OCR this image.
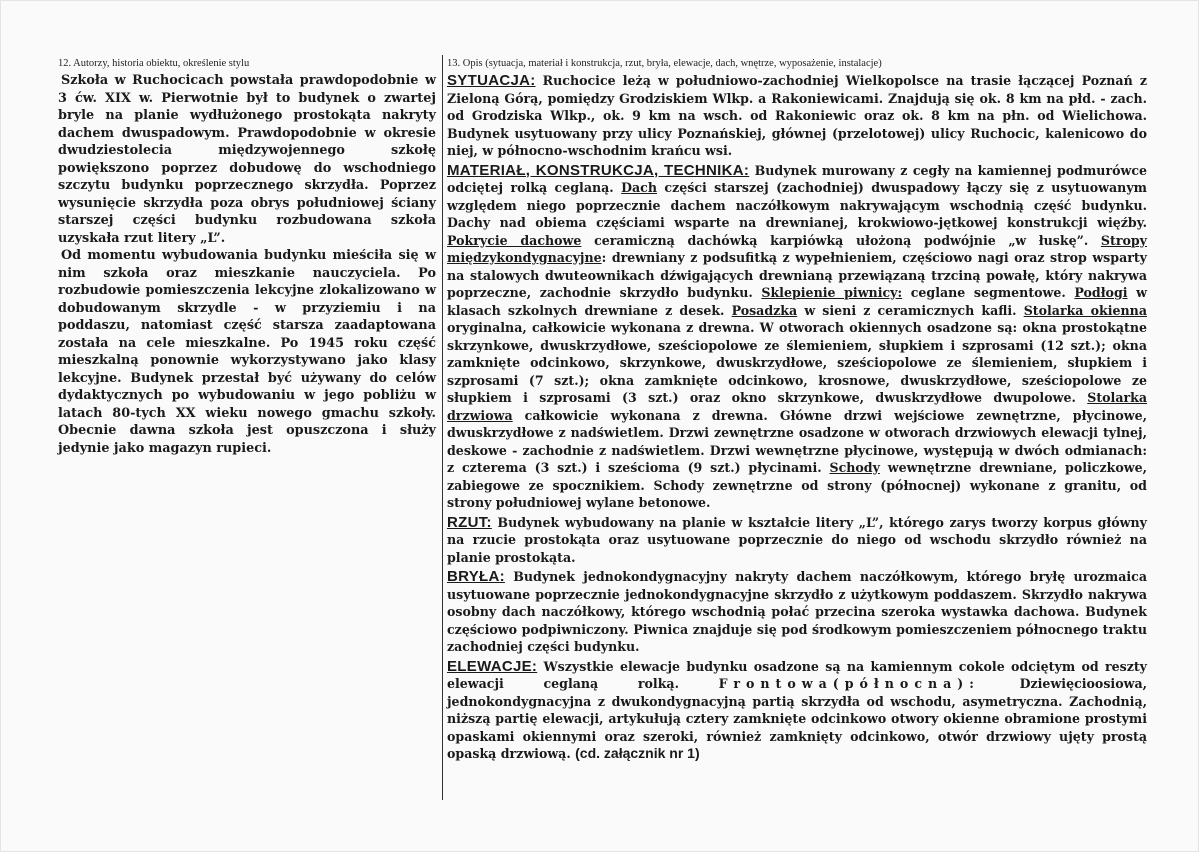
12. Autorzy, historia obiektu, określenie stylu

Szkoła w Ruchocicach powstała prawdopodobnie w 3 ćw. XIX w. Pierwotnie był to budynek o zwartej bryle na planie wydłużonego prostokąta nakryty dachem dwuspadowym. Prawdopodobnie w okresie dwudziestolecia międzywojennego szkołę powiększono poprzez dobudowę do wschodniego szczytu budynku poprzecznego skrzydła. Poprzez wysunięcie skrzydła poza obrys południowej ściany starszej części budynku rozbudowana szkoła uzyskała rzut litery „L”.

Od momentu wybudowania budynku mieściła się w nim szkoła oraz mieszkanie nauczyciela. Po rozbudowie pomieszczenia lekcyjne zlokalizowano w dobudowanym skrzydle - w przyziemiu i na poddaszu, natomiast część starsza zaadaptowana została na cele mieszkalne. Po 1945 roku część mieszkalną ponownie wykorzystywano jako klasy lekcyjne. Budynek przestał być używany do celów dydaktycznych po wybudowaniu w jego pobliżu w latach 80-tych XX wieku nowego gmachu szkoły. Obecnie dawna szkoła jest opuszczona i służy jedynie jako magazyn rupieci.

13. Opis (sytuacja, materiał i konstrukcja, rzut, bryła, elewacje, dach, wnętrze, wyposażenie, instalacje)

SYTUACJA: Ruchocice leżą w południowo-zachodniej Wielkopolsce na trasie łączącej Poznań z Zieloną Górą, pomiędzy Grodziskiem Wlkp. a Rakoniewicami. Znajdują się ok. 8 km na płd. - zach. od Grodziska Wlkp., ok. 9 km na wsch. od Rakoniewic oraz ok. 8 km na płn. od Wielichowa. Budynek usytuowany przy ulicy Poznańskiej, głównej (przelotowej) ulicy Ruchocic, kalenicowo do niej, w północno-wschodnim krańcu wsi.

MATERIAŁ, KONSTRUKCJA, TECHNIKA: Budynek murowany z cegły na kamiennej podmurówce odciętej rolką ceglaną. Dach części starszej (zachodniej) dwuspadowy łączy się z usytuowanym względem niego poprzecznie dachem naczółkowym nakrywającym wschodnią część budynku. Dachy nad obiema częściami wsparte na drewnianej, krokwiowo-jętkowej konstrukcji więźby. Pokrycie dachowe ceramiczną dachówką karpiówką ułożoną podwójnie „w łuskę”. Stropy międzykondygnacyjne: drewniany z podsufitką z wypełnieniem, częściowo nagi oraz strop wsparty na stalowych dwuteownikach dźwigających drewnianą przewiązaną trzciną powałę, który nakrywa poprzeczne, zachodnie skrzydło budynku. Sklepienie piwnicy: ceglane segmentowe. Podłogi w klasach szkolnych drewniane z desek. Posadzka w sieni z ceramicznych kafli. Stolarka okienna oryginalna, całkowicie wykonana z drewna. W otworach okiennych osadzone są: okna prostokątne skrzynkowe, dwuskrzydłowe, sześciopolowe ze ślemieniem, słupkiem i szprosami (12 szt.); okna zamknięte odcinkowo, skrzynkowe, dwuskrzydłowe, sześciopolowe ze ślemieniem, słupkiem i szprosami (7 szt.); okna zamknięte odcinkowo, krosnowe, dwuskrzydłowe, sześciopolowe ze słupkiem i szprosami (3 szt.) oraz okno skrzynkowe, dwuskrzydłowe dwupolowe. Stolarka drzwiowa całkowicie wykonana z drewna. Główne drzwi wejściowe zewnętrzne, płycinowe, dwuskrzydłowe z nadświetlem. Drzwi zewnętrzne osadzone w otworach drzwiowych elewacji tylnej, deskowe - zachodnie z nadświetlem. Drzwi wewnętrzne płycinowe, występują w dwóch odmianach: z czterema (3 szt.) i sześcioma (9 szt.) płycinami. Schody wewnętrzne drewniane, policzkowe, zabiegowe ze spocznikiem. Schody zewnętrzne od strony (północnej) wykonane z granitu, od strony południowej wylane betonowe.

RZUT: Budynek wybudowany na planie w kształcie litery „L”, którego zarys tworzy korpus główny na rzucie prostokąta oraz usytuowane poprzecznie do niego od wschodu skrzydło również na planie prostokąta.

BRYŁA: Budynek jednokondygnacyjny nakryty dachem naczółkowym, którego bryłę urozmaica usytuowane poprzecznie jednokondygnacyjne skrzydło z użytkowym poddaszem. Skrzydło nakrywa osobny dach naczółkowy, którego wschodnią połać przecina szeroka wystawka dachowa. Budynek częściowo podpiwniczony. Piwnica znajduje się pod środkowym pomieszczeniem północnego traktu zachodniej części budynku.

ELEWACJE: Wszystkie elewacje budynku osadzone są na kamiennym cokole odciętym od reszty elewacji ceglaną rolką. Frontowa(północna): Dziewięcioosiowa, jednokondygnacyjna z dwukondygnacyjną partią skrzydła od wschodu, asymetryczna. Zachodnią, niższą partię elewacji, artykułują cztery zamknięte odcinkowo otwory okienne obramione prostymi opaskami okiennymi oraz szeroki, również zamknięty odcinkowo, otwór drzwiowy ujęty prostą opaską drzwiową. (cd. załącznik nr 1)
